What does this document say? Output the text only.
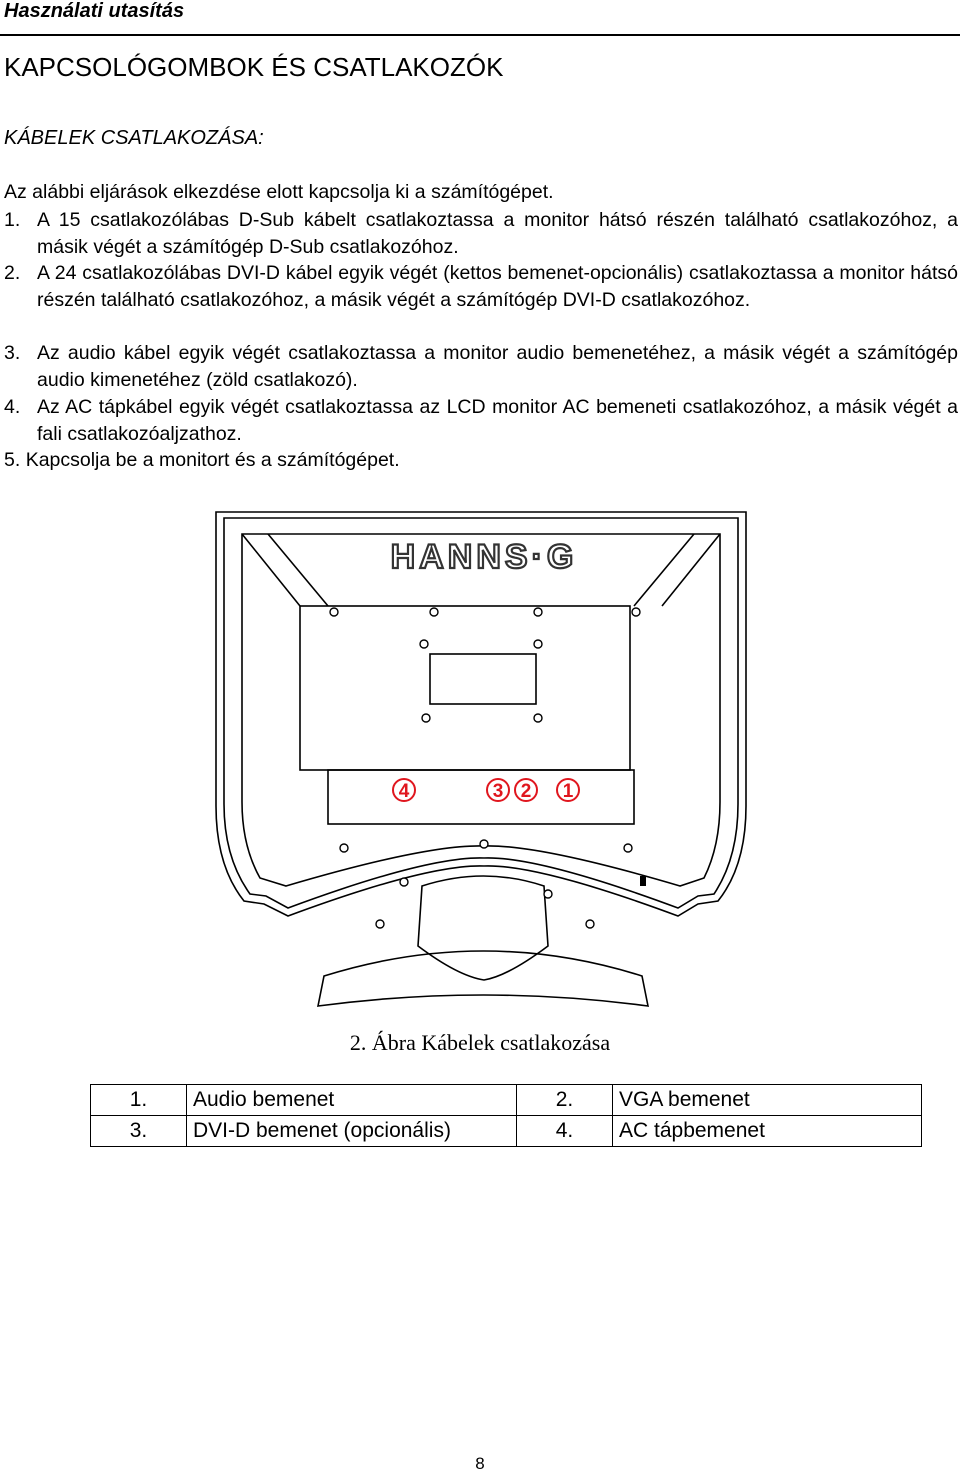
Használati utasítás
KAPCSOLÓGOMBOK ÉS CSATLAKOZÓK
KÁBELEK CSATLAKOZÁSA:
Az alábbi eljárások elkezdése elott kapcsolja ki a számítógépet.
1. A 15 csatlakozólábas D-Sub kábelt csatlakoztassa a monitor hátsó részén található csatlakozóhoz, a másik végét a számítógép D-Sub csatlakozóhoz.
2. A 24 csatlakozólábas DVI-D kábel egyik végét (kettos bemenet-opcionális) csatlakoztassa a monitor hátsó részén található csatlakozóhoz, a másik végét a számítógép DVI-D csatlakozóhoz.
3. Az audio kábel egyik végét csatlakoztassa a monitor audio bemenetéhez, a másik végét a számítógép audio kimenetéhez (zöld csatlakozó).
4. Az AC tápkábel egyik végét csatlakoztassa az LCD monitor AC bemeneti csatlakozóhoz, a másik végét a fali csatlakozóaljzathoz.
5. Kapcsolja be a monitort és a számítógépet.
HANNS·G
4	3 2 1
2. Ábra Kábelek csatlakozása
1.	Audio bemenet	2.	VGA bemenet
3.	DVI-D bemenet (opcionális)	4.	AC tápbemenet
8
